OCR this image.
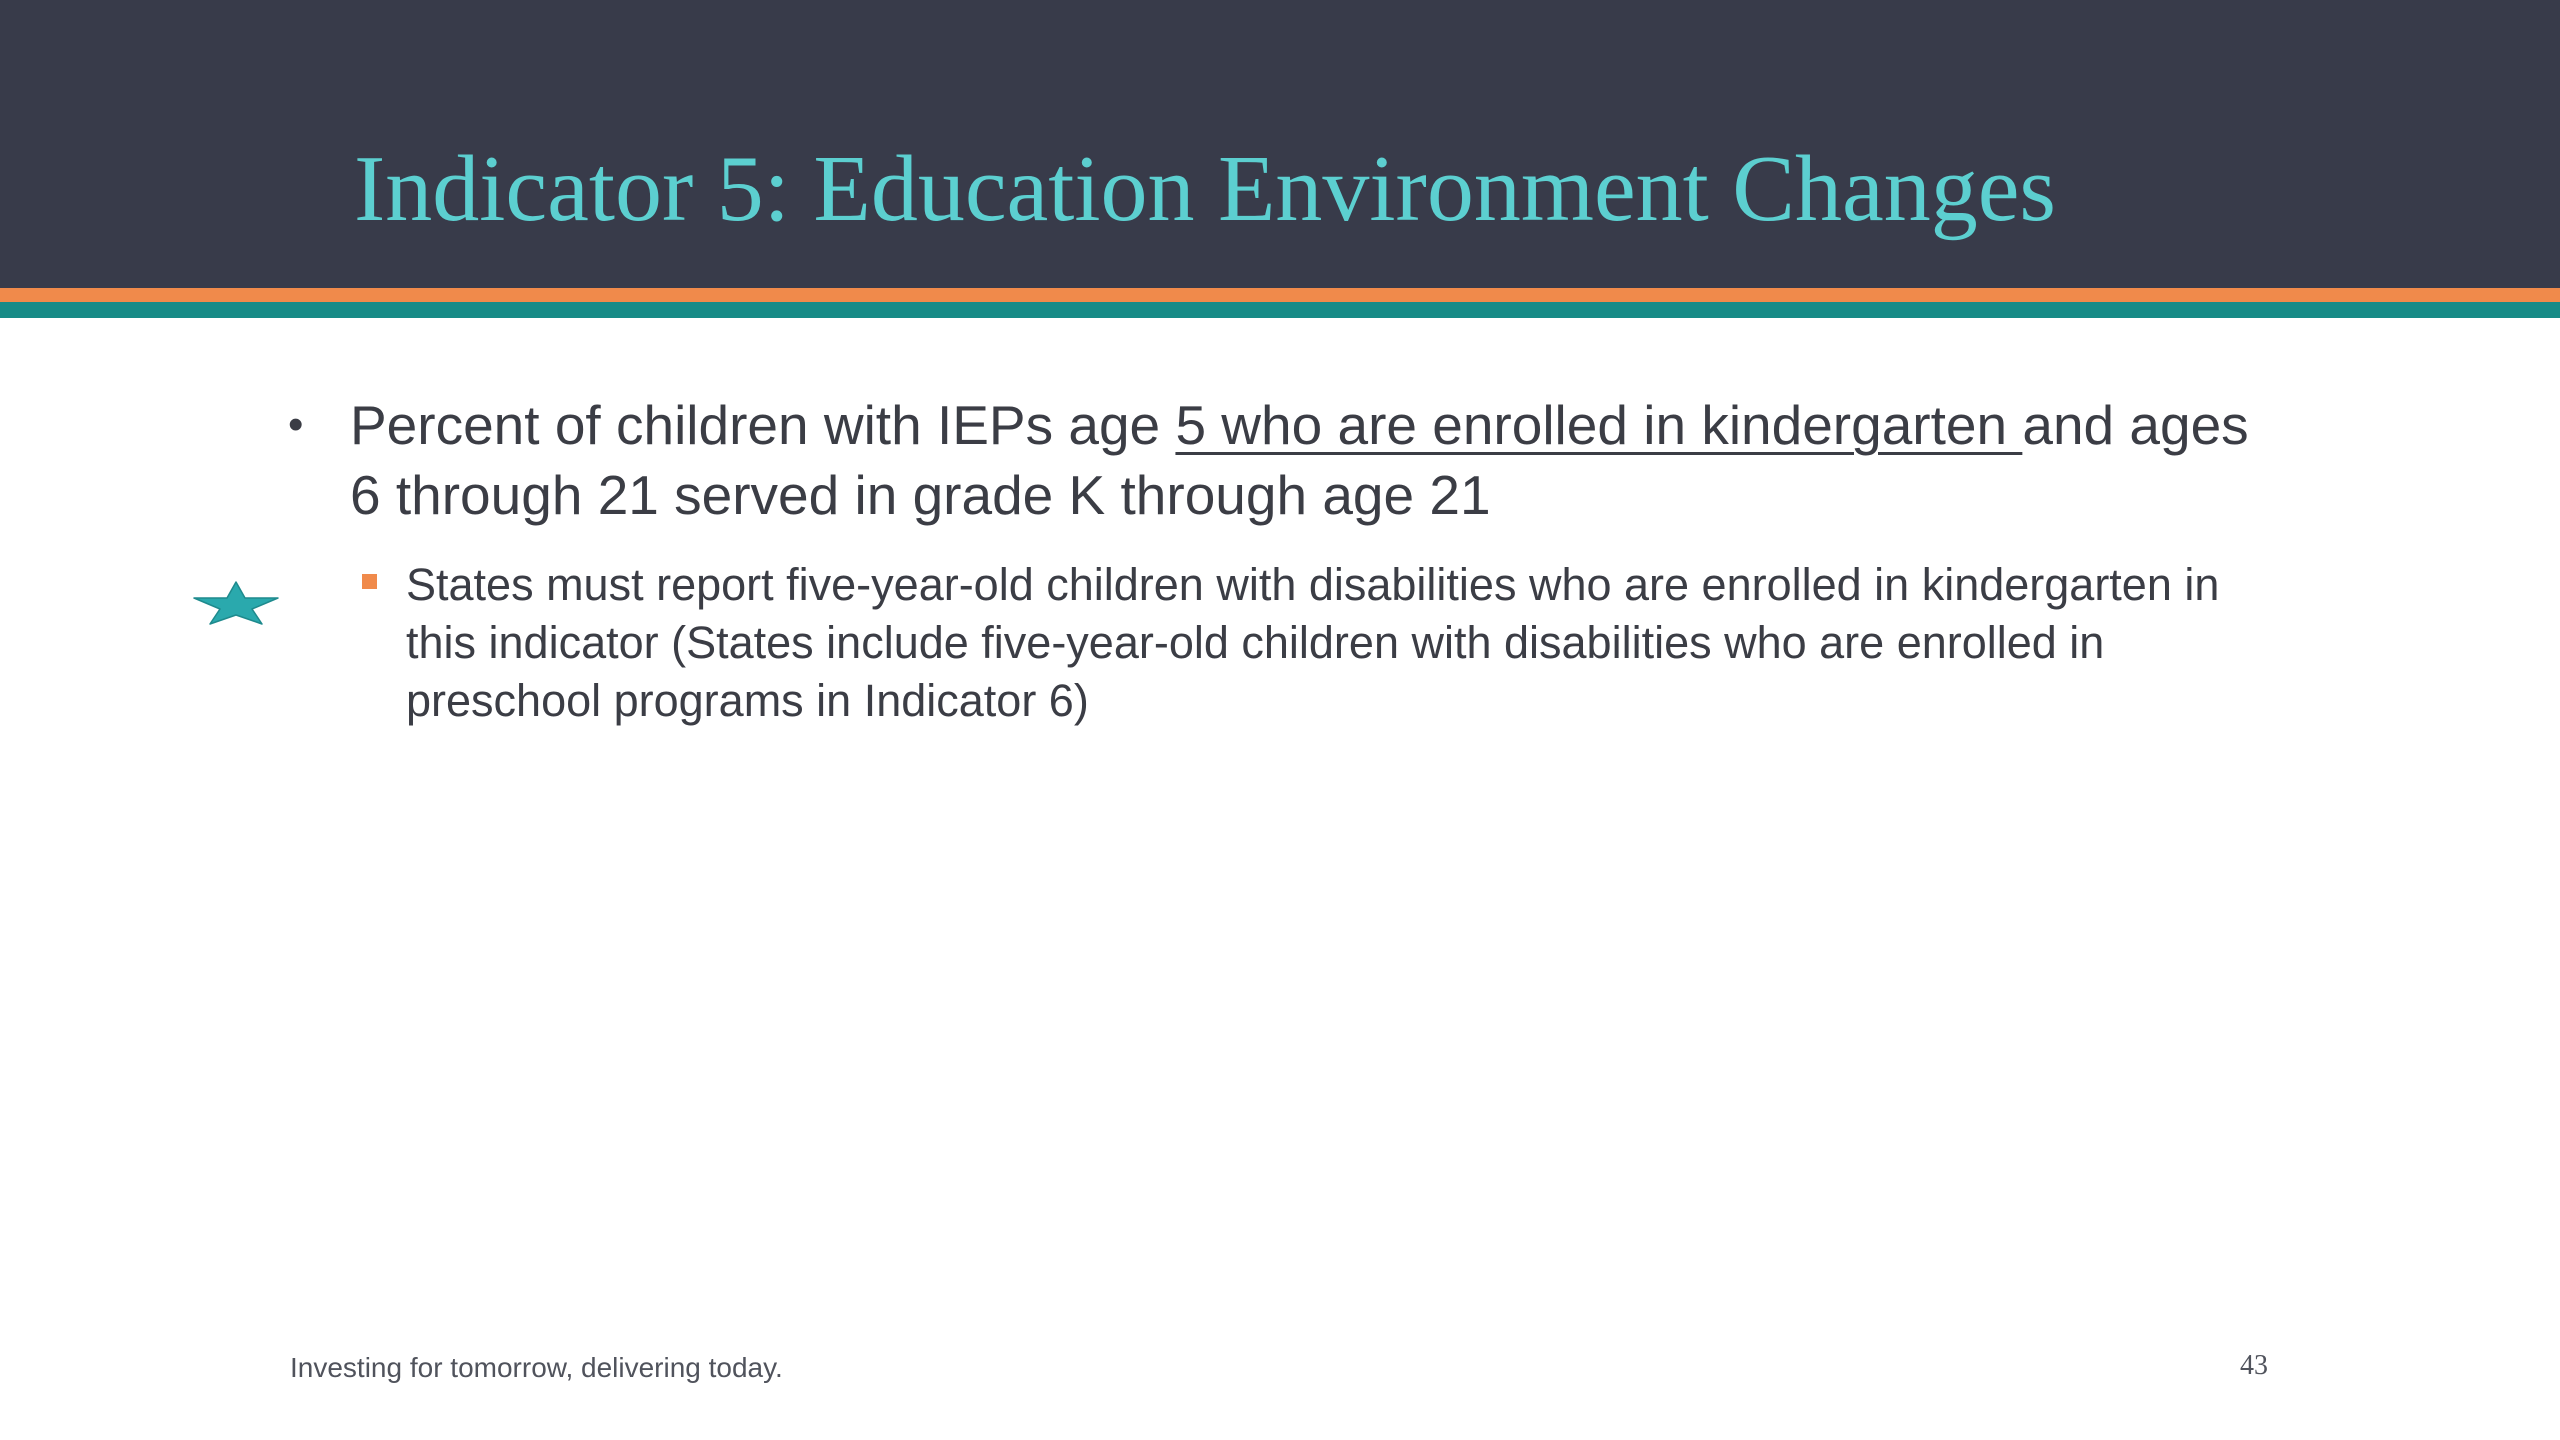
Indicator 5: Education Environment Changes
• Percent of children with IEPs age 5 who are enrolled in kindergarten and ages 6 through 21 served in grade K through age 21
States must report five-year-old children with disabilities who are enrolled in kindergarten in this indicator (States include five-year-old children with disabilities who are enrolled in preschool programs in Indicator 6)
Investing for tomorrow, delivering today.	43
